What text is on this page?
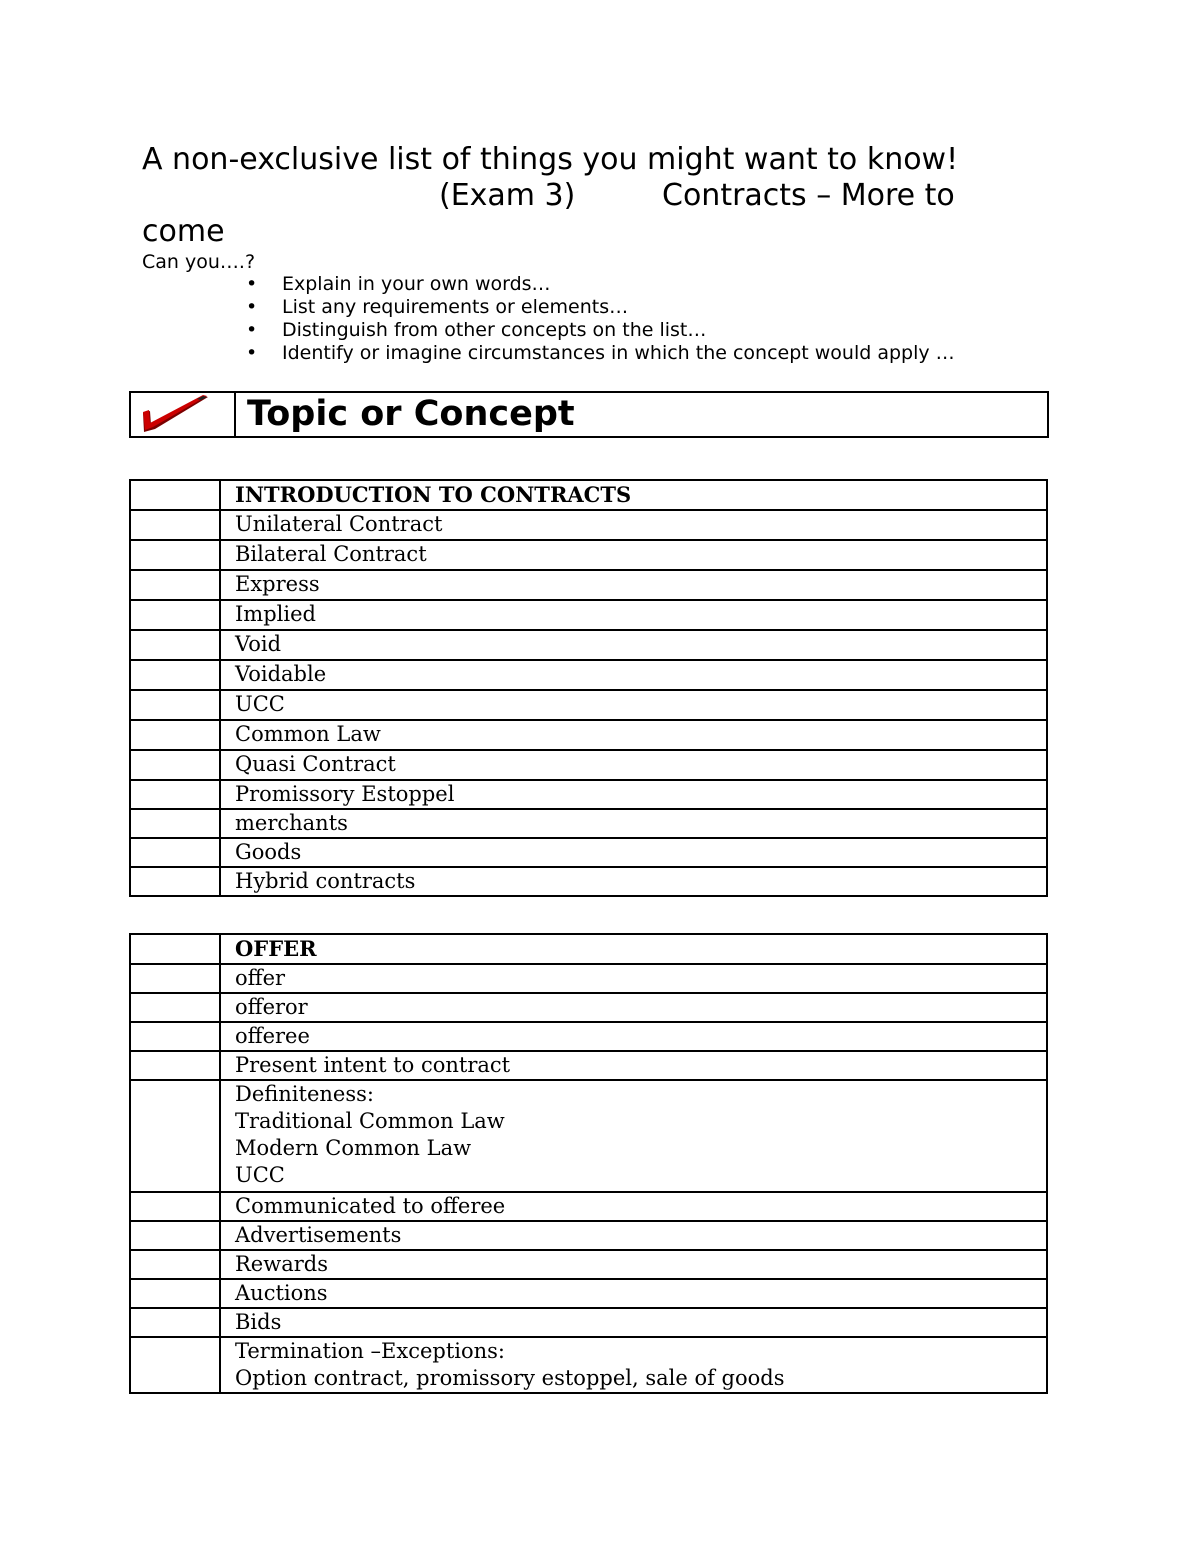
A non-exclusive list of things you might want to know!
(Exam 3)	Contracts – More to
come
Can you….?
• Explain in your own words…
• List any requirements or elements…
• Distinguish from other concepts on the list…
• Identify or imagine circumstances in which the concept would apply …
Topic or Concept
	INTRODUCTION TO CONTRACTS
	Unilateral Contract
	Bilateral Contract
	Express
	Implied
	Void
	Voidable
	UCC
	Common Law
	Quasi Contract
	Promissory Estoppel
	merchants
	Goods
	Hybrid contracts
	OFFER
	offer
	offeror
	offeree
	Present intent to contract

	Definiteness:
Traditional Common Law
Modern Common Law
UCC

	Communicated to offeree
	Advertisements
	Rewards
	Auctions
	Bids

	Termination –Exceptions:
Option contract, promissory estoppel, sale of goods
